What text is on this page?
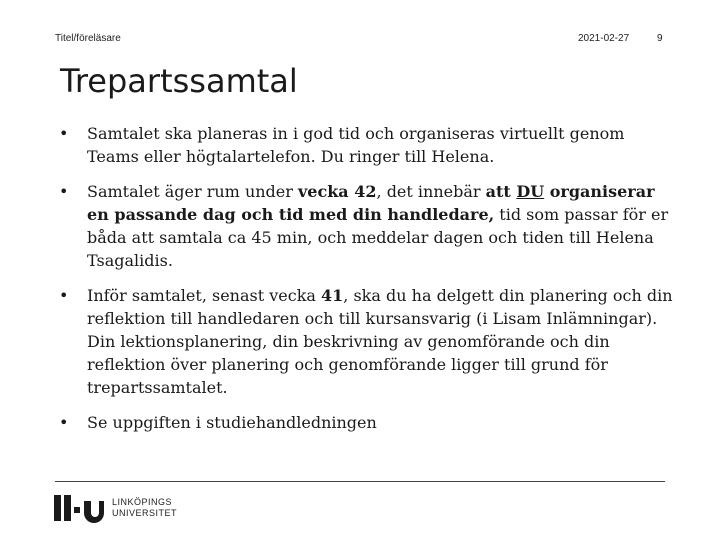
Titel/föreläsare	2021-02-27	9
Trepartssamtal
• Samtalet ska planeras in i god tid och organiseras virtuellt genom Teams eller högtalartelefon. Du ringer till Helena.
• Samtalet äger rum under vecka 42, det innebär att DU organiserar en passande dag och tid med din handledare, tid som passar för er båda att samtala ca 45 min, och meddelar dagen och tiden till Helena Tsagalidis.
• Inför samtalet, senast vecka 41, ska du ha delgett din planering och din reflektion till handledaren och till kursansvarig (i Lisam Inlämningar). Din lektionsplanering, din beskrivning av genomförande och din reflektion över planering och genomförande ligger till grund för trepartssamtalet.
• Se uppgiften i studiehandledningen
LINKÖPINGS
UNIVERSITET
